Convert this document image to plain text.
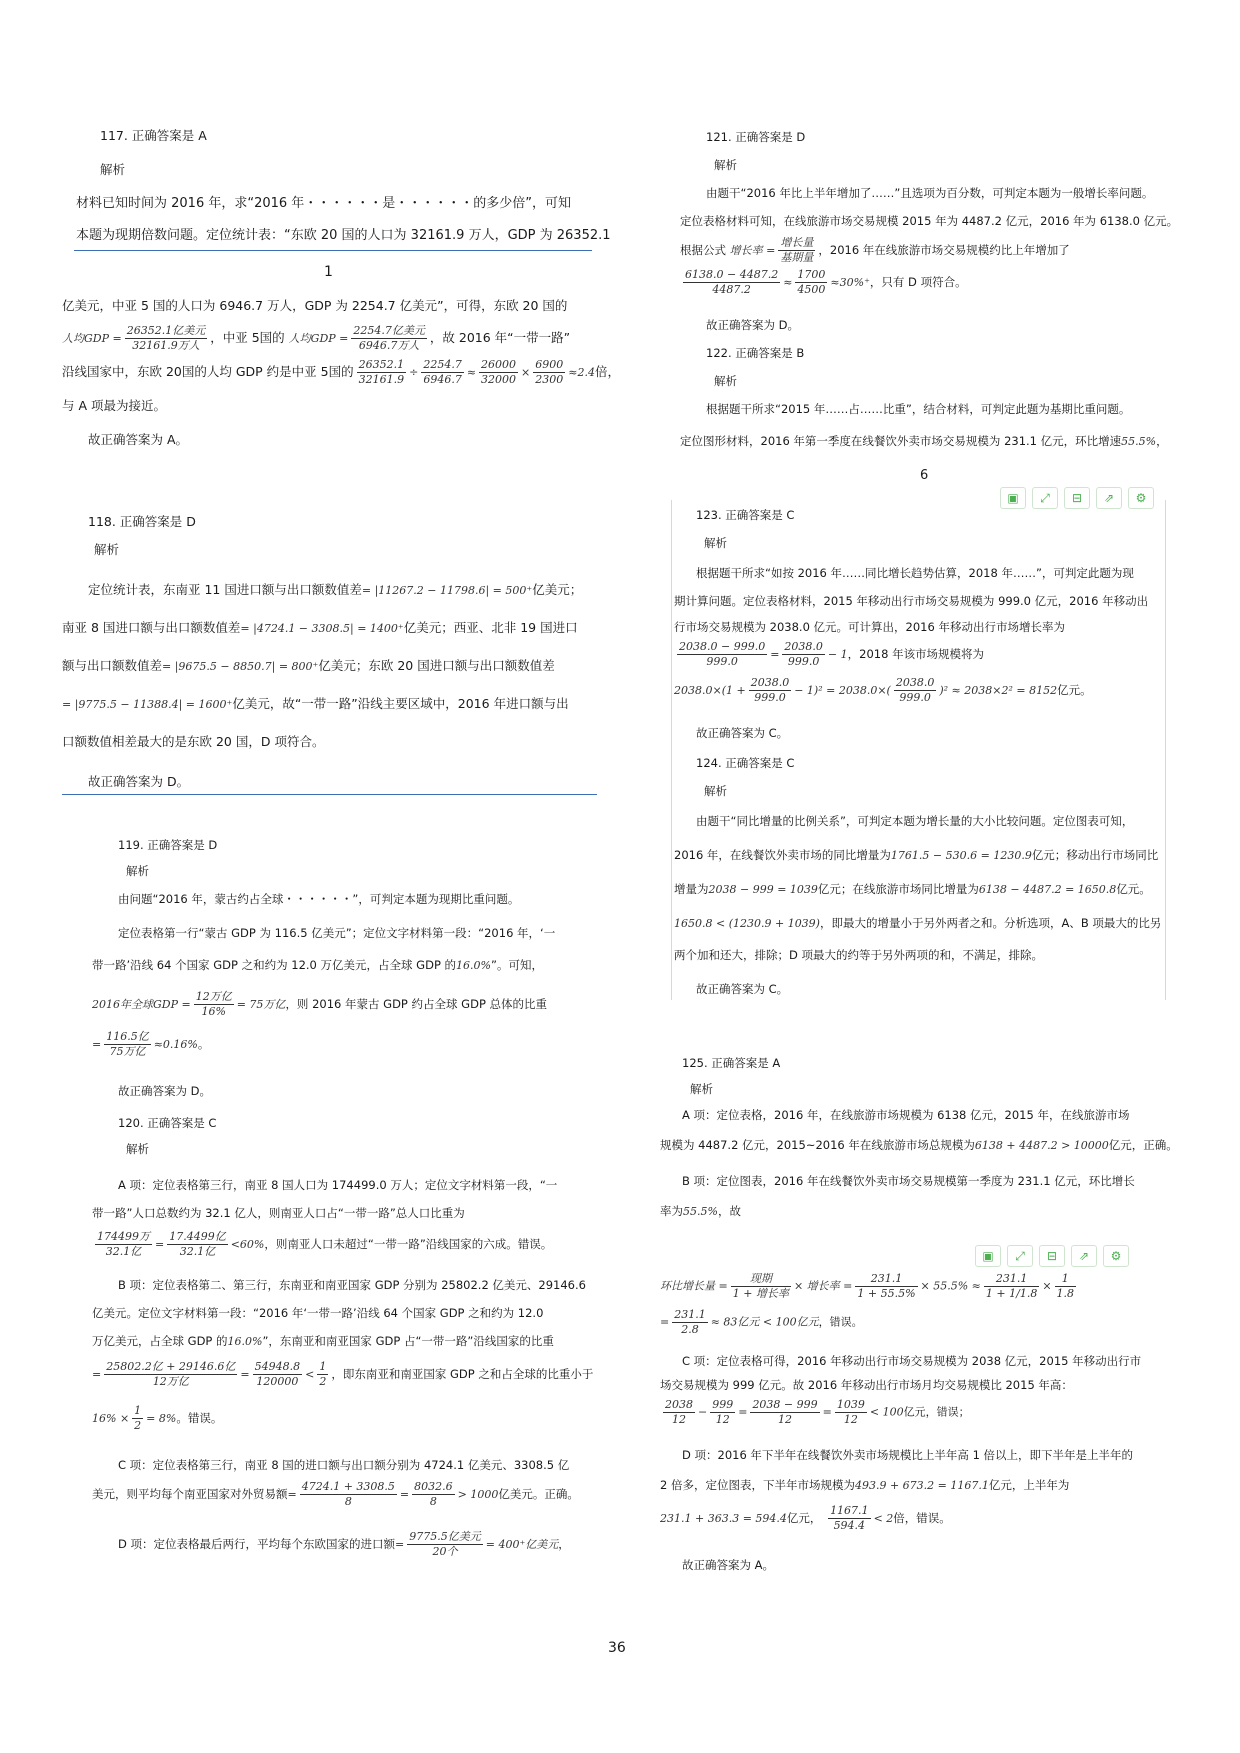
117. 正确答案是 A
解析
材料已知时间为 2016 年，求“2016 年・・・・・・是・・・・・・的多少倍”，可知
本题为现期倍数问题。定位统计表：“东欧 20 国的人口为 32161.9 万人，GDP 为 26352.1
1
亿美元，中亚 5 国的人口为 6946.7 万人，GDP 为 2254.7 亿美元”，可得，东欧 20 国的
人均GDP = $\frac{\text{26352.1亿美元}}{\text{32161.9万人}}$ ，中亚 5国的 人均GDP = $\frac{\text{2254.7亿美元}}{\text{6946.7万人}}$ ，故 2016 年“一带一路”
沿线国家中，东欧 20国的人均 GDP 约是中亚 5国的 $\frac{26352.1}{32161.9} \div \frac{2254.7}{6946.7} \approx \frac{26000}{32000} \times \frac{6900}{2300} \approx 2.4$倍，
与 A 项最为接近。
故正确答案为 A。
118. 正确答案是 D
解析
定位统计表，东南亚 11 国进口额与出口额数值差= |11267.2 − 11798.6| = 500⁺亿美元；
南亚 8 国进口额与出口额数值差= |4724.1 − 3308.5| = 1400⁺亿美元；西亚、北非 19 国进口
额与出口额数值差= |9675.5 − 8850.7| = 800⁺亿美元；东欧 20 国进口额与出口额数值差
= |9775.5 − 11388.4| = 1600⁺亿美元，故“一带一路”沿线主要区域中，2016 年进口额与出
口额数值相差最大的是东欧 20 国，D 项符合。
故正确答案为 D。
119. 正确答案是 D
解析
由问题“2016 年，蒙古约占全球・・・・・・”，可判定本题为现期比重问题。
定位表格第一行“蒙古 GDP 为 116.5 亿美元”；定位文字材料第一段：“2016 年，‘一
带一路’沿线 64 个国家 GDP 之和约为 12.0 万亿美元，占全球 GDP 的16.0%”。可知，
2016年全球GDP = $\frac{\text{12万亿}}{16\%} = 75$万亿，则 2016 年蒙古 GDP 约占全球 GDP 总体的比重
= $\frac{\text{116.5亿}}{\text{75万亿}} \approx 0.16\%$。
故正确答案为 D。
120. 正确答案是 C
解析
A 项：定位表格第三行，南亚 8 国人口为 174499.0 万人；定位文字材料第一段，“一
带一路”人口总数约为 32.1 亿人，则南亚人口占“一带一路”总人口比重为
$\frac{\text{174499万}}{\text{32.1亿}} = \frac{\text{17.4499亿}}{\text{32.1亿}} <60\%$，则南亚人口未超过“一带一路”沿线国家的六成。错误。
B 项：定位表格第二、第三行，东南亚和南亚国家 GDP 分别为 25802.2 亿美元、29146.6
亿美元。定位文字材料第一段：“2016 年‘一带一路’沿线 64 个国家 GDP 之和约为 12.0
万亿美元，占全球 GDP 的16.0%”，东南亚和南亚国家 GDP 占“一带一路”沿线国家的比重
= $\frac{\text{25802.2亿 + 29146.6亿}}{\text{12万亿}} = \frac{54948.8}{120000} < \frac{1}{2}$ ，即东南亚和南亚国家 GDP 之和占全球的比重小于
$16\% \times \frac{1}{2} = 8\%$。错误。
C 项：定位表格第三行，南亚 8 国的进口额与出口额分别为 4724.1 亿美元、3308.5 亿
美元，则平均每个南亚国家对外贸易额= $\frac{4724.1 + 3308.5}{8} = \frac{8032.6}{8} > 1000$亿美元。正确。
D 项：定位表格最后两行，平均每个东欧国家的进口额= $\frac{\text{9775.5亿美元}}{\text{20个}} = 400^+$亿美元，
121. 正确答案是 D
解析
由题干“2016 年比上半年增加了……”且选项为百分数，可判定本题为一般增长率问题。
定位表格材料可知，在线旅游市场交易规模 2015 年为 4487.2 亿元，2016 年为 6138.0 亿元。
根据公式 增长率 = $\frac{\text{增长量}}{\text{基期量}}$ ，2016 年在线旅游市场交易规模约比上年增加了
$\frac{6138.0 - 4487.2}{4487.2} \approx \frac{1700}{4500} \approx 30\%^+$，只有 D 项符合。
故正确答案为 D。
122. 正确答案是 B
解析
根据题干所求“2015 年……占……比重”，结合材料，可判定此题为基期比重问题。
定位图形材料，2016 年第一季度在线餐饮外卖市场交易规模为 231.1 亿元，环比增速55.5%，
6
▣	⤢	⊟	⇗	⚙
123. 正确答案是 C
解析
根据题干所求“如按 2016 年……同比增长趋势估算，2018 年……”，可判定此题为现
期计算问题。定位表格材料，2015 年移动出行市场交易规模为 999.0 亿元，2016 年移动出
行市场交易规模为 2038.0 亿元。可计算出，2016 年移动出行市场增长率为
$\frac{2038.0 - 999.0}{999.0} = \frac{2038.0}{999.0} - 1$，2018 年该市场规模将为
$2038.0\times(1 + \frac{2038.0}{999.0} - 1)^2 = 2038.0\times( \frac{2038.0}{999.0} )^2 \approx 2038\times 2^2 = 8152$亿元。
故正确答案为 C。
124. 正确答案是 C
解析
由题干“同比增量的比例关系”，可判定本题为增长量的大小比较问题。定位图表可知，
2016 年，在线餐饮外卖市场的同比增量为1761.5 − 530.6 = 1230.9亿元；移动出行市场同比
增量为2038 − 999 = 1039亿元；在线旅游市场同比增量为6138 − 4487.2 = 1650.8亿元。
1650.8 < (1230.9 + 1039)，即最大的增量小于另外两者之和。分析选项，A、B 项最大的比另
两个加和还大，排除；D 项最大的约等于另外两项的和，不满足，排除。
故正确答案为 C。
125. 正确答案是 A
解析
A 项：定位表格，2016 年，在线旅游市场规模为 6138 亿元，2015 年，在线旅游市场
规模为 4487.2 亿元，2015~2016 年在线旅游市场总规模为6138 + 4487.2 > 10000亿元，正确。
B 项：定位图表，2016 年在线餐饮外卖市场交易规模第一季度为 231.1 亿元，环比增长
率为55.5%，故
▣	⤢	⊟	⇗	⚙
环比增长量 = $\frac{\text{现期}}{\text{1 + 增长率}}$ × 增长率 = $\frac{231.1}{1 + 55.5\%} \times 55.5\% \approx \frac{231.1}{1 + 1/1.8} \times \frac{1}{1.8}$
= $\frac{231.1}{2.8} \approx 83$亿元 < 100亿元，错误。
C 项：定位表格可得，2016 年移动出行市场交易规模为 2038 亿元，2015 年移动出行市
场交易规模为 999 亿元。故 2016 年移动出行市场月均交易规模比 2015 年高：
$\frac{2038}{12} - \frac{999}{12} = \frac{2038 - 999}{12} = \frac{1039}{12} < 100$亿元，错误；
D 项：2016 年下半年在线餐饮外卖市场规模比上半年高 1 倍以上，即下半年是上半年的
2 倍多，定位图表，下半年市场规模为493.9 + 673.2 = 1167.1亿元，上半年为
231.1 + 363.3 = 594.4亿元， $\frac{1167.1}{594.4} < 2$倍，错误。
故正确答案为 A。
36
